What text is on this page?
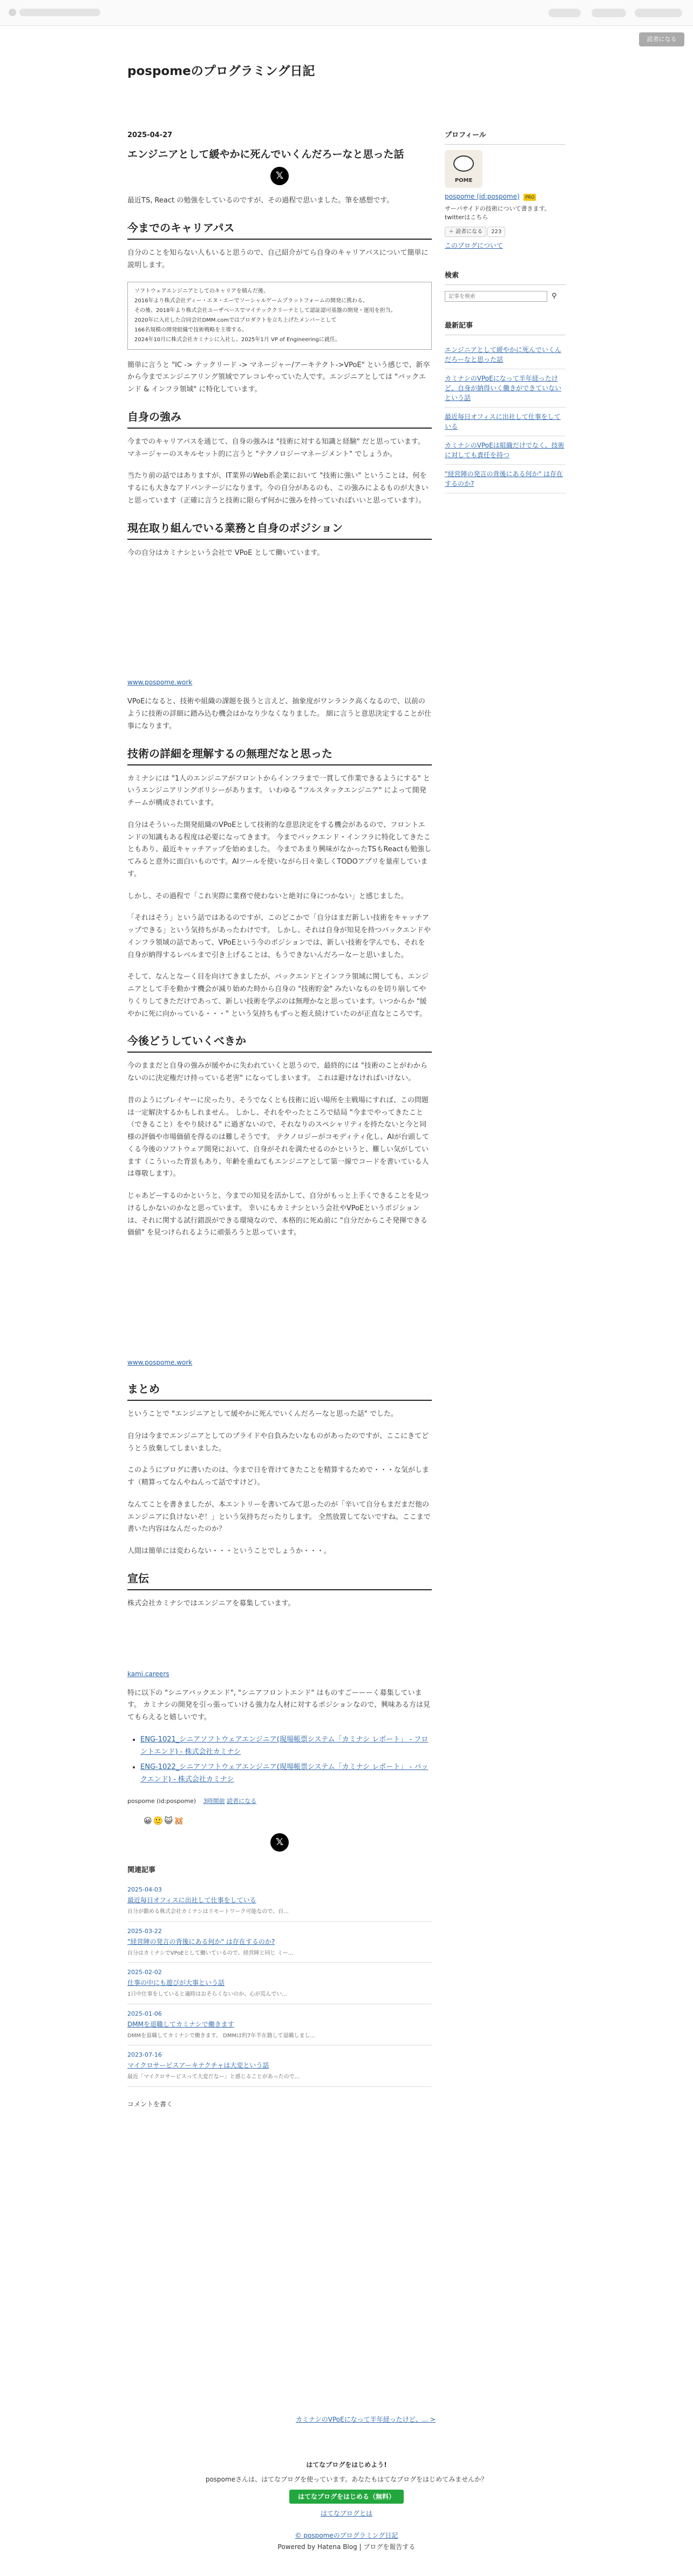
読者になる
pospomeのプログラミング日記
2025-04-27
エンジニアとして緩やかに死んでいくんだろーなと思った話
𝕏

最近TS, React の勉強をしているのですが、その過程で思いました。筆を感想です。

今までのキャリアパス

自分のことを知らない人もいると思うので、自己紹介がてら自身のキャリアパスについて簡単に説明します。

ソフトウェアエンジニアとしてのキャリアを積んだ後、
2016年より株式会社ディー・エヌ・エーでソーシャルゲームプラットフォームの開発に携わる。
その後、2018年より株式会社ユーザベースでマイテッククリーナとして認証認可基盤の開発・運用を担当。
2020年に入社した合同会社DMM.comではプロダクトを立ち上げたメンバーとして
166名規模の開発組織で技術戦略を主導する。
2024年10月に株式会社カミナシに入社し、2025年1月 VP of Engineeringに就任。

簡単に言うと "IC -> テックリード -> マネージャー/アーキテクト->VPoE" という感じで、新卒から今までエンジニアリング領域でアレコレやっていた人です。エンジニアとしては "バックエンド & インフラ領域" に特化しています。

自身の強み

今までのキャリアパスを通じて、自身の強みは "技術に対する知識と経験" だと思っています。 マネージャーのスキルセット的に言うと "テクノロジーマネージメント" でしょうか。

当たり前の話ではありますが、IT業界のWeb系企業において "技術に強い" ということは、何をするにも大きなアドバンテージになります。今の自分があるのも、この強みによるものが大きいと思っています（正確に言うと技術に限らず何かに強みを持っていればいいと思っています）。

現在取り組んでいる業務と自身のポジション

今の自分はカミナシという会社で VPoE として働いています。

www.pospome.work

VPoEになると、技術や組織の課題を扱うと言えど、抽象度がワンランク高くなるので、以前のように技術の詳細に踏み込む機会はかなり少なくなりました。 細に言うと意思決定することが仕事になります。

技術の詳細を理解するの無理だなと思った

カミナシには "1人のエンジニアがフロントからインフラまで一貫して作業できるようにする" というエンジニアリングポリシーがあります。 いわゆる "フルスタックエンジニア" によって開発チームが構成されています。

自分はそういった開発組織のVPoEとして技術的な意思決定をする機会があるので、フロントエンドの知識もある程度は必要になってきます。 今までバックエンド・インフラに特化してきたこともあり、最近キャッチアップを始めました。 今まであまり興味がなかったTSもReactも勉強してみると意外に面白いものです。AIツールを使いながら日々楽しくTODOアプリを量産しています。

しかし、その過程で「これ実際に業務で使わないと絶対に身につかない」と感じました。

「それはそう」という話ではあるのですが、このどこかで「自分はまだ新しい技術をキャッチアップできる」という気持ちがあったわけです。 しかし、それは自身が知見を持つバックエンドやインフラ領域の話であって、VPoEという今のポジションでは、新しい技術を学んでも、それを自身が納得するレベルまで引き上げることは、もうできないんだろーなーと思いました。

そして、なんとなーく目を向けてきましたが、バックエンドとインフラ領域に関しても、エンジニアとして手を動かす機会が減り始めた時から自身の "技術貯金" みたいなものを切り崩してやりくりしてきただけであって、新しい技術を学ぶのは無理かなと思っています。いつからか "緩やかに死に向かっている・・・" という気持ちもずっと抱え続けていたのが正直なところです。

今後どうしていくべきか

今のままだと自身の強みが緩やかに失われていくと思うので、最終的には "技術のことがわからないのに決定権だけ持っている老害" になってしまいます。 これは避けなければいけない。

昔のようにプレイヤーに戻ったり、そうでなくとも技術に近い場所を主戦場にすれば、この問題は一定解決するかもしれません。 しかし、それをやったところで結局 "今までやってきたこと（できること）をやり続ける" に過ぎないので、それなりのスペシャリティを持たないと今と同様の評価や市場価値を得るのは難しそうです。 テクノロジーがコモディティ化し、AIが台頭してくる今後のソフトウェア開発において、自身がそれを満たせるのかというと、難しい気がしています（こういった背景もあり、年齢を重ねてもエンジニアとして第一線でコードを書いている人は尊敬します）。

じゃあどーするのかというと、今までの知見を活かして、自分がもっと上手くできることを見つけるしかないのかなと思っています。 幸いにもカミナシという会社やVPoEというポジションは、それに関する試行錯誤ができる環境なので、本格的に死ぬ前に "自分だからこそ発揮できる価値" を見つけられるように頑張ろうと思っています。

www.pospome.work
まとめ

ということで "エンジニアとして緩やかに死んでいくんだろーなと思った話" でした。

自分は今までエンジニアとしてのプライドや自負みたいなものがあったのですが、ここにきてどうとう放棄してしまいました。

このようにブログに書いたのは、今まで日を背けてきたことを精算するためで・・・な気がします（精算ってなんやねんって話ですけど）。

なんてことを書きましたが、本エントリーを書いてみて思ったのが「辛いて自分もまだまだ他のエンジニアに負けないぞ！」という気持ちだったりします。 全然放置してないですね。ここまで書いた内容はなんだったのか？

人間は簡単には変わらない・・・ということでしょうか・・・。

宣伝

株式会社カミナシではエンジニアを募集しています。

kami.careers

特に以下の "シニアバックエンド", "シニアフロントエンド" はものすごーーーく募集しています。 カミナシの開発を引っ張っていける強力な人材に対するポジションなので、興味ある方は見てもらえると嬉しいです。

• ENG-1021_シニアソフトウェアエンジニア(現場帳票システム「カミナシ レポート」 - フロントエンド) - 株式会社カミナシ
• ENG-1022_シニアソフトウェアエンジニア(現場帳票システム「カミナシ レポート」 - バックエンド) - 株式会社カミナシ
pospome (id:pospome) 3時間前 読者になる
😀🙂😺🐹
𝕏
関連記事
2025-04-03
最近毎日オフィスに出社して仕事をしている
自分が勤める株式会社カミナシはリモートワーク可能なので、自...
2025-03-22
"経営陣の発言の背後にある何か" は存在するのか?
自分はカミナシでVPoEとして働いているので、経営陣と同じ ミー...
2025-02-02
仕事の中にも遊びが大事という話
1日中仕事をしていると適時はおそらくないのか、心が荒んでい...
2025-01-06
DMMを退職してカミナシで働きます
DMMを退職してカミナシで働きます。 DMMは約7年半在籍して退職しまし...
2023-07-16
マイクロサービスアーキテクチャは大変という話
最近「マイクロサービスって大変だなー」と感じることがあったので...
コメントを書く
カミナシのVPoEになって半年経ったけど、... >
はてなブログをはじめよう!
pospomeさんは、はてなブログを使っています。あなたもはてなブログをはじめてみませんか？
はてなブログをはじめる（無料）
はてなブログとは
© pospomeのプログラミング日記
Powered by Hatena Blog | ブログを報告する
プロフィール
POME
pospome (id:pospome) PRO
サーバサイドの技術について書きます。twitterはこちら
＋ 読者になる 223
このブログについて
検索
記事を検索
⚲
最新記事
エンジニアとして緩やかに死んでいくんだろーなと思った話
カミナシのVPoEになって半年経ったけど、自身が納得いく働きができていないという話
最近毎日オフィスに出社して仕事をしている
カミナシのVPoEは組織だけでなく、技術に対しても責任を持つ
"経営陣の発言の背後にある何か" は存在するのか?
